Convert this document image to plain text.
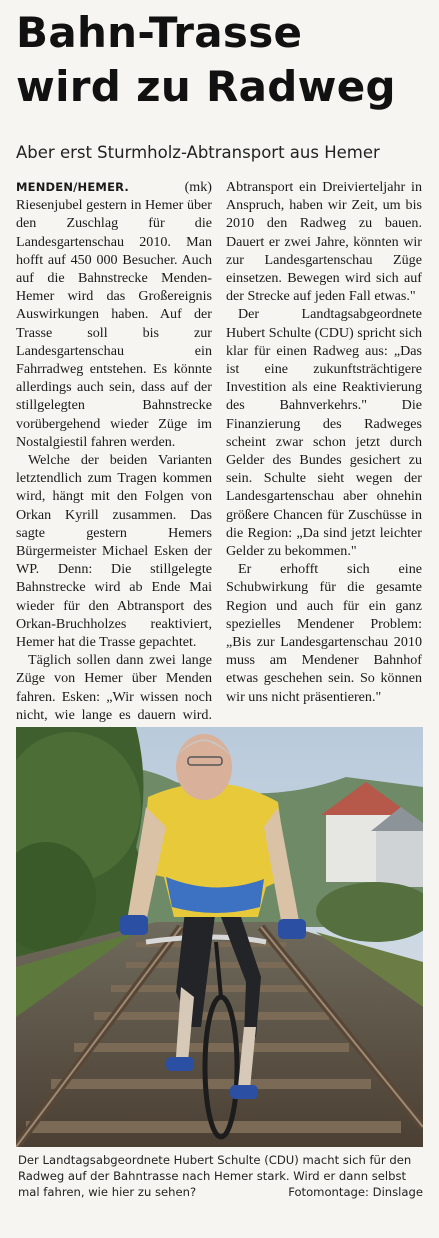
Bahn-Trasse
wird zu Radweg

Aber erst Sturmholz-Abtransport aus Hemer

MENDEN/HEMER.	(mk) Riesenjubel gestern in Hemer über den Zuschlag für die Landesgartenschau 2010. Man hofft auf 450 000 Besucher. Auch auf die Bahnstrecke Menden-Hemer wird das Großereignis Auswirkungen haben. Auf der Trasse soll bis zur Landesgartenschau ein Fahrradweg entstehen. Es könnte allerdings auch sein, dass auf der stillgelegten Bahnstrecke vorübergehend wieder Züge im Nostalgiestil fahren werden.

Welche der beiden Varianten letztendlich zum Tragen kommen wird, hängt mit den Folgen von Orkan Kyrill zusammen. Das sagte gestern Hemers Bürgermeister Michael Esken der WP. Denn: Die stillgelegte Bahnstrecke wird ab Ende Mai wieder für den Abtransport des Orkan-Bruchholzes reaktiviert, Hemer hat die Trasse gepachtet.

Täglich sollen dann zwei lange Züge von Hemer über Menden fahren. Esken: „Wir wissen noch nicht, wie lange es dauern wird.

Abtransport ein Dreivierteljahr in Anspruch, haben wir Zeit, um bis 2010 den Radweg zu bauen. Dauert er zwei Jahre, könnten wir zur Landesgartenschau Züge einsetzen. Bewegen wird sich auf der Strecke auf jeden Fall etwas."

Der Landtagsabgeordnete Hubert Schulte (CDU) spricht sich klar für einen Radweg aus: „Das ist eine zukunftsträchtigere Investition als eine Reaktivierung des Bahnverkehrs." Die Finanzierung des Radweges scheint zwar schon jetzt durch Gelder des Bundes gesichert zu sein. Schulte sieht wegen der Landesgartenschau aber ohnehin größere Chancen für Zuschüsse in die Region: „Da sind jetzt leichter Gelder zu bekommen."

Er erhofft sich eine Schubwirkung für die gesamte Region und auch für ein ganz spezielles Mendener Problem: „Bis zur Landesgartenschau 2010 muss am Mendener Bahnhof etwas geschehen sein. So können wir uns nicht präsentieren."

Der Landtagsabgeordnete Hubert Schulte (CDU) macht sich für den Radweg auf der Bahntrasse nach Hemer stark. Wird er dann selbst mal fahren, wie hier zu sehen?	Fotomontage: Dinslage
